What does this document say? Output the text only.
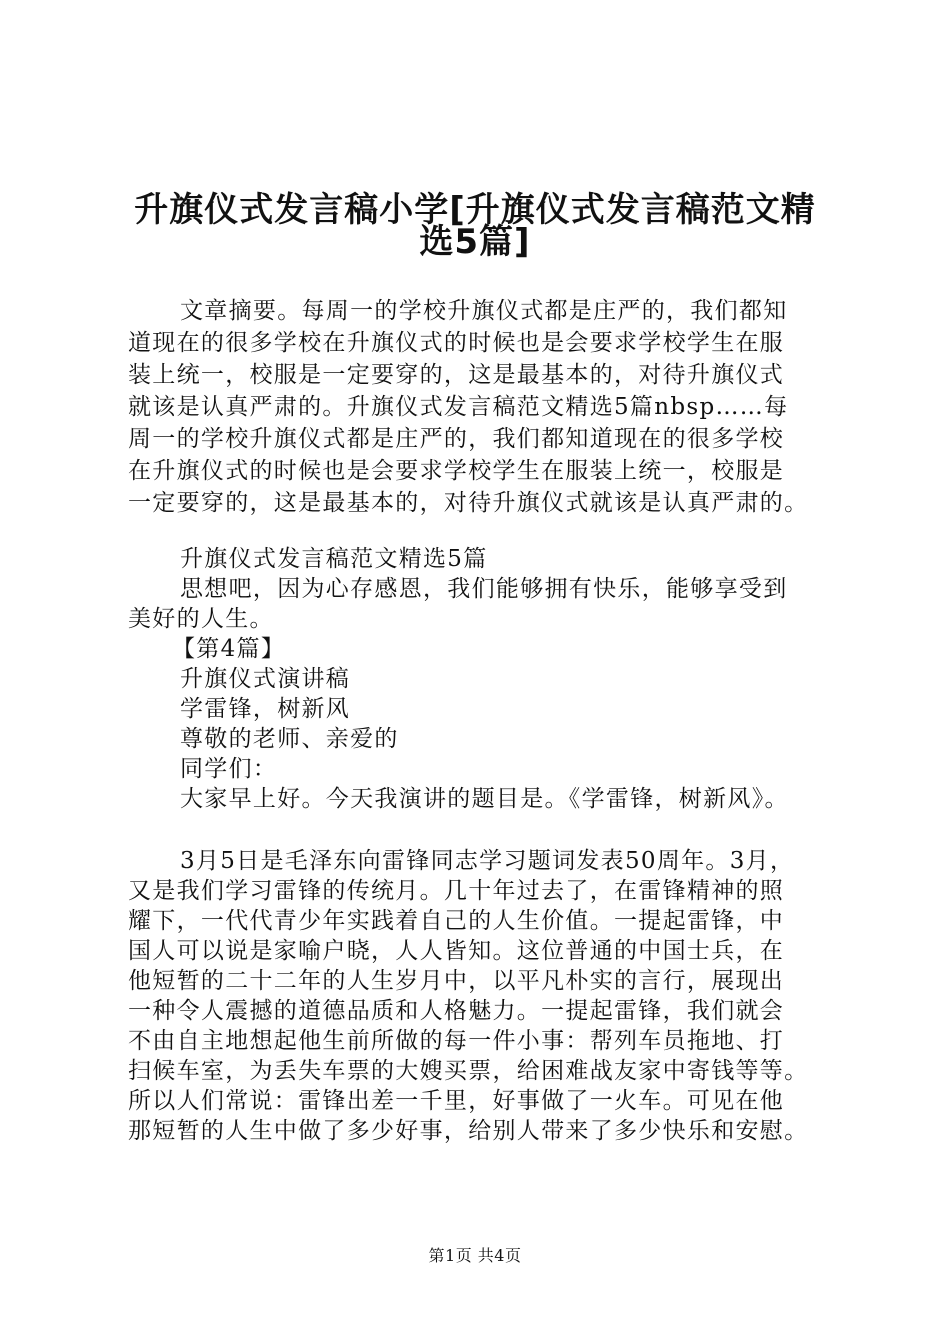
升旗仪式发言稿小学[升旗仪式发言稿范文精
选5篇]

文章摘要。每周一的学校升旗仪式都是庄严的，我们都知

道现在的很多学校在升旗仪式的时候也是会要求学校学生在服

装上统一，校服是一定要穿的，这是最基本的，对待升旗仪式

就该是认真严肃的。升旗仪式发言稿范文精选5篇nbsp……每

周一的学校升旗仪式都是庄严的，我们都知道现在的很多学校

在升旗仪式的时候也是会要求学校学生在服装上统一，校服是

一定要穿的，这是最基本的，对待升旗仪式就该是认真严肃的。

升旗仪式发言稿范文精选5篇

思想吧，因为心存感恩，我们能够拥有快乐，能够享受到

美好的人生。

【第4篇】

升旗仪式演讲稿

学雷锋，树新风

尊敬的老师、亲爱的

同学们：

大家早上好。今天我演讲的题目是。《学雷锋，树新风》。

3月5日是毛泽东向雷锋同志学习题词发表50周年。3月，

又是我们学习雷锋的传统月。几十年过去了，在雷锋精神的照

耀下，一代代青少年实践着自己的人生价值。一提起雷锋，中

国人可以说是家喻户晓，人人皆知。这位普通的中国士兵，在

他短暂的二十二年的人生岁月中，以平凡朴实的言行，展现出

一种令人震撼的道德品质和人格魅力。一提起雷锋，我们就会

不由自主地想起他生前所做的每一件小事：帮列车员拖地、打

扫候车室，为丢失车票的大嫂买票，给困难战友家中寄钱等等。

所以人们常说：雷锋出差一千里，好事做了一火车。可见在他

那短暂的人生中做了多少好事，给别人带来了多少快乐和安慰。

第1页 共4页
